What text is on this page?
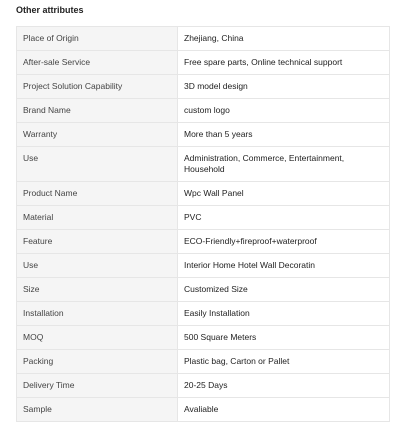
Other attributes
Place of Origin	Zhejiang, China
After-sale Service	Free spare parts, Online technical support
Project Solution Capability	3D model design
Brand Name	custom logo
Warranty	More than 5 years
Use	Administration, Commerce, Entertainment, Household
Product Name	Wpc Wall Panel
Material	PVC
Feature	ECO-Friendly+fireproof+waterproof
Use	Interior Home Hotel Wall Decoratin
Size	Customized Size
Installation	Easily Installation
MOQ	500 Square Meters
Packing	Plastic bag, Carton or Pallet
Delivery Time	20-25 Days
Sample	Avaliable
